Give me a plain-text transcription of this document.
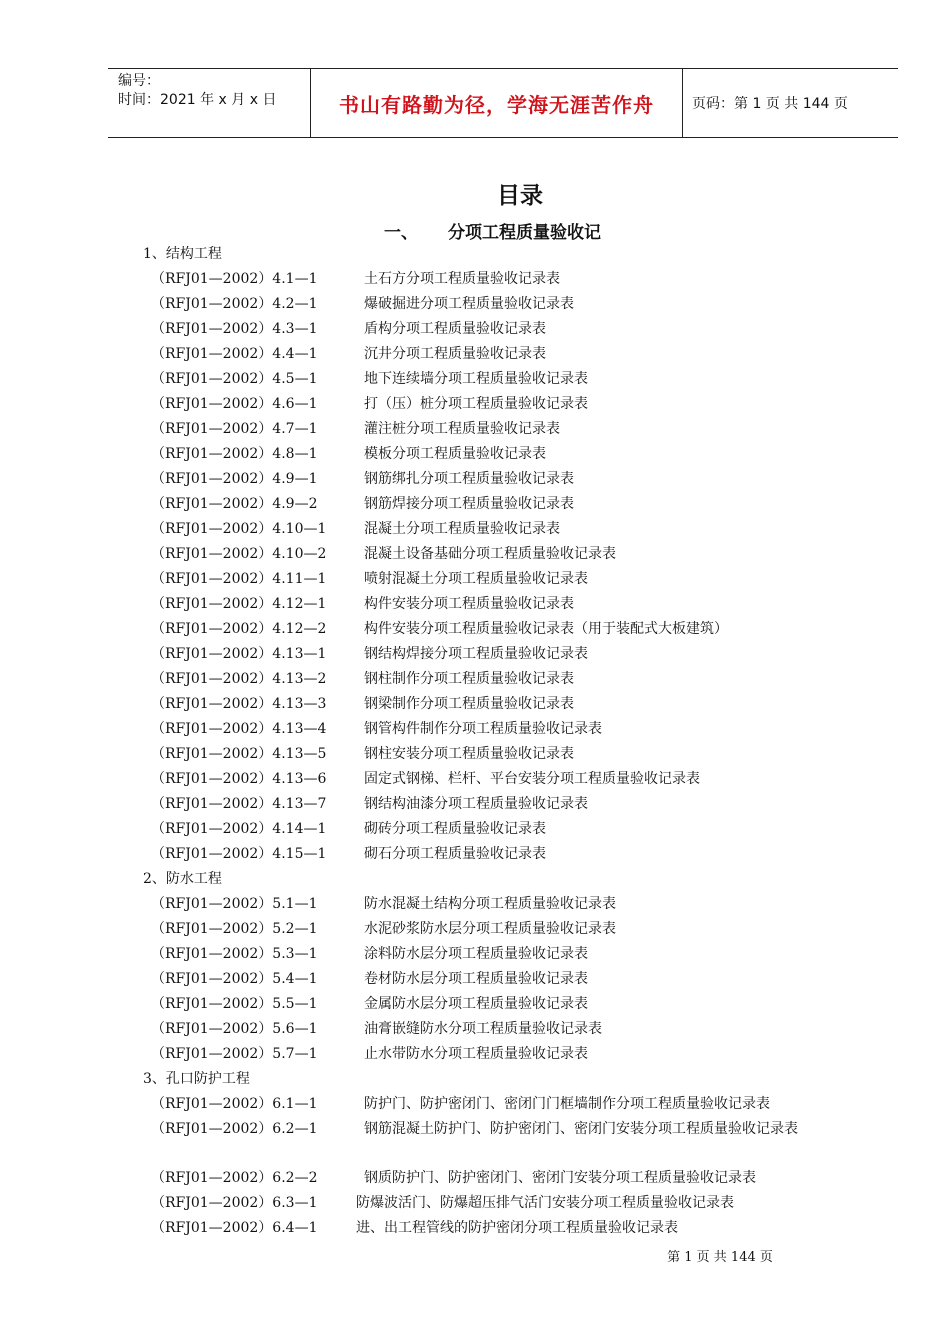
编号：
时间：2021 年 x 月 x 日	书山有路勤为径，学海无涯苦作舟	页码：第 1 页 共 144 页
目录
一、 分项工程质量验收记
1、结构工程
（RFJ01—2002）4.1—1	土石方分项工程质量验收记录表
（RFJ01—2002）4.2—1	爆破掘进分项工程质量验收记录表
（RFJ01—2002）4.3—1	盾构分项工程质量验收记录表
（RFJ01—2002）4.4—1	沉井分项工程质量验收记录表
（RFJ01—2002）4.5—1	地下连续墙分项工程质量验收记录表
（RFJ01—2002）4.6—1	打（压）桩分项工程质量验收记录表
（RFJ01—2002）4.7—1	灌注桩分项工程质量验收记录表
（RFJ01—2002）4.8—1	模板分项工程质量验收记录表
（RFJ01—2002）4.9—1	钢筋绑扎分项工程质量验收记录表
（RFJ01—2002）4.9—2	钢筋焊接分项工程质量验收记录表
（RFJ01—2002）4.10—1	混凝土分项工程质量验收记录表
（RFJ01—2002）4.10—2	混凝土设备基础分项工程质量验收记录表
（RFJ01—2002）4.11—1	喷射混凝土分项工程质量验收记录表
（RFJ01—2002）4.12—1	构件安装分项工程质量验收记录表
（RFJ01—2002）4.12—2	构件安装分项工程质量验收记录表（用于装配式大板建筑）
（RFJ01—2002）4.13—1	钢结构焊接分项工程质量验收记录表
（RFJ01—2002）4.13—2	钢柱制作分项工程质量验收记录表
（RFJ01—2002）4.13—3	钢梁制作分项工程质量验收记录表
（RFJ01—2002）4.13—4	钢管构件制作分项工程质量验收记录表
（RFJ01—2002）4.13—5	钢柱安装分项工程质量验收记录表
（RFJ01—2002）4.13—6	固定式钢梯、栏杆、平台安装分项工程质量验收记录表
（RFJ01—2002）4.13—7	钢结构油漆分项工程质量验收记录表
（RFJ01—2002）4.14—1	砌砖分项工程质量验收记录表
（RFJ01—2002）4.15—1	砌石分项工程质量验收记录表
2、防水工程
（RFJ01—2002）5.1—1	防水混凝土结构分项工程质量验收记录表
（RFJ01—2002）5.2—1	水泥砂浆防水层分项工程质量验收记录表
（RFJ01—2002）5.3—1	涂料防水层分项工程质量验收记录表
（RFJ01—2002）5.4—1	卷材防水层分项工程质量验收记录表
（RFJ01—2002）5.5—1	金属防水层分项工程质量验收记录表
（RFJ01—2002）5.6—1	油膏嵌缝防水分项工程质量验收记录表
（RFJ01—2002）5.7—1	止水带防水分项工程质量验收记录表
3、孔口防护工程
（RFJ01—2002）6.1—1	防护门、防护密闭门、密闭门门框墙制作分项工程质量验收记录表
（RFJ01—2002）6.2—1	钢筋混凝土防护门、防护密闭门、密闭门安装分项工程质量验收记录表
（RFJ01—2002）6.2—2	钢质防护门、防护密闭门、密闭门安装分项工程质量验收记录表
（RFJ01—2002）6.3—1	防爆波活门、防爆超压排气活门安装分项工程质量验收记录表
（RFJ01—2002）6.4—1	进、出工程管线的防护密闭分项工程质量验收记录表
第 1 页 共 144 页
